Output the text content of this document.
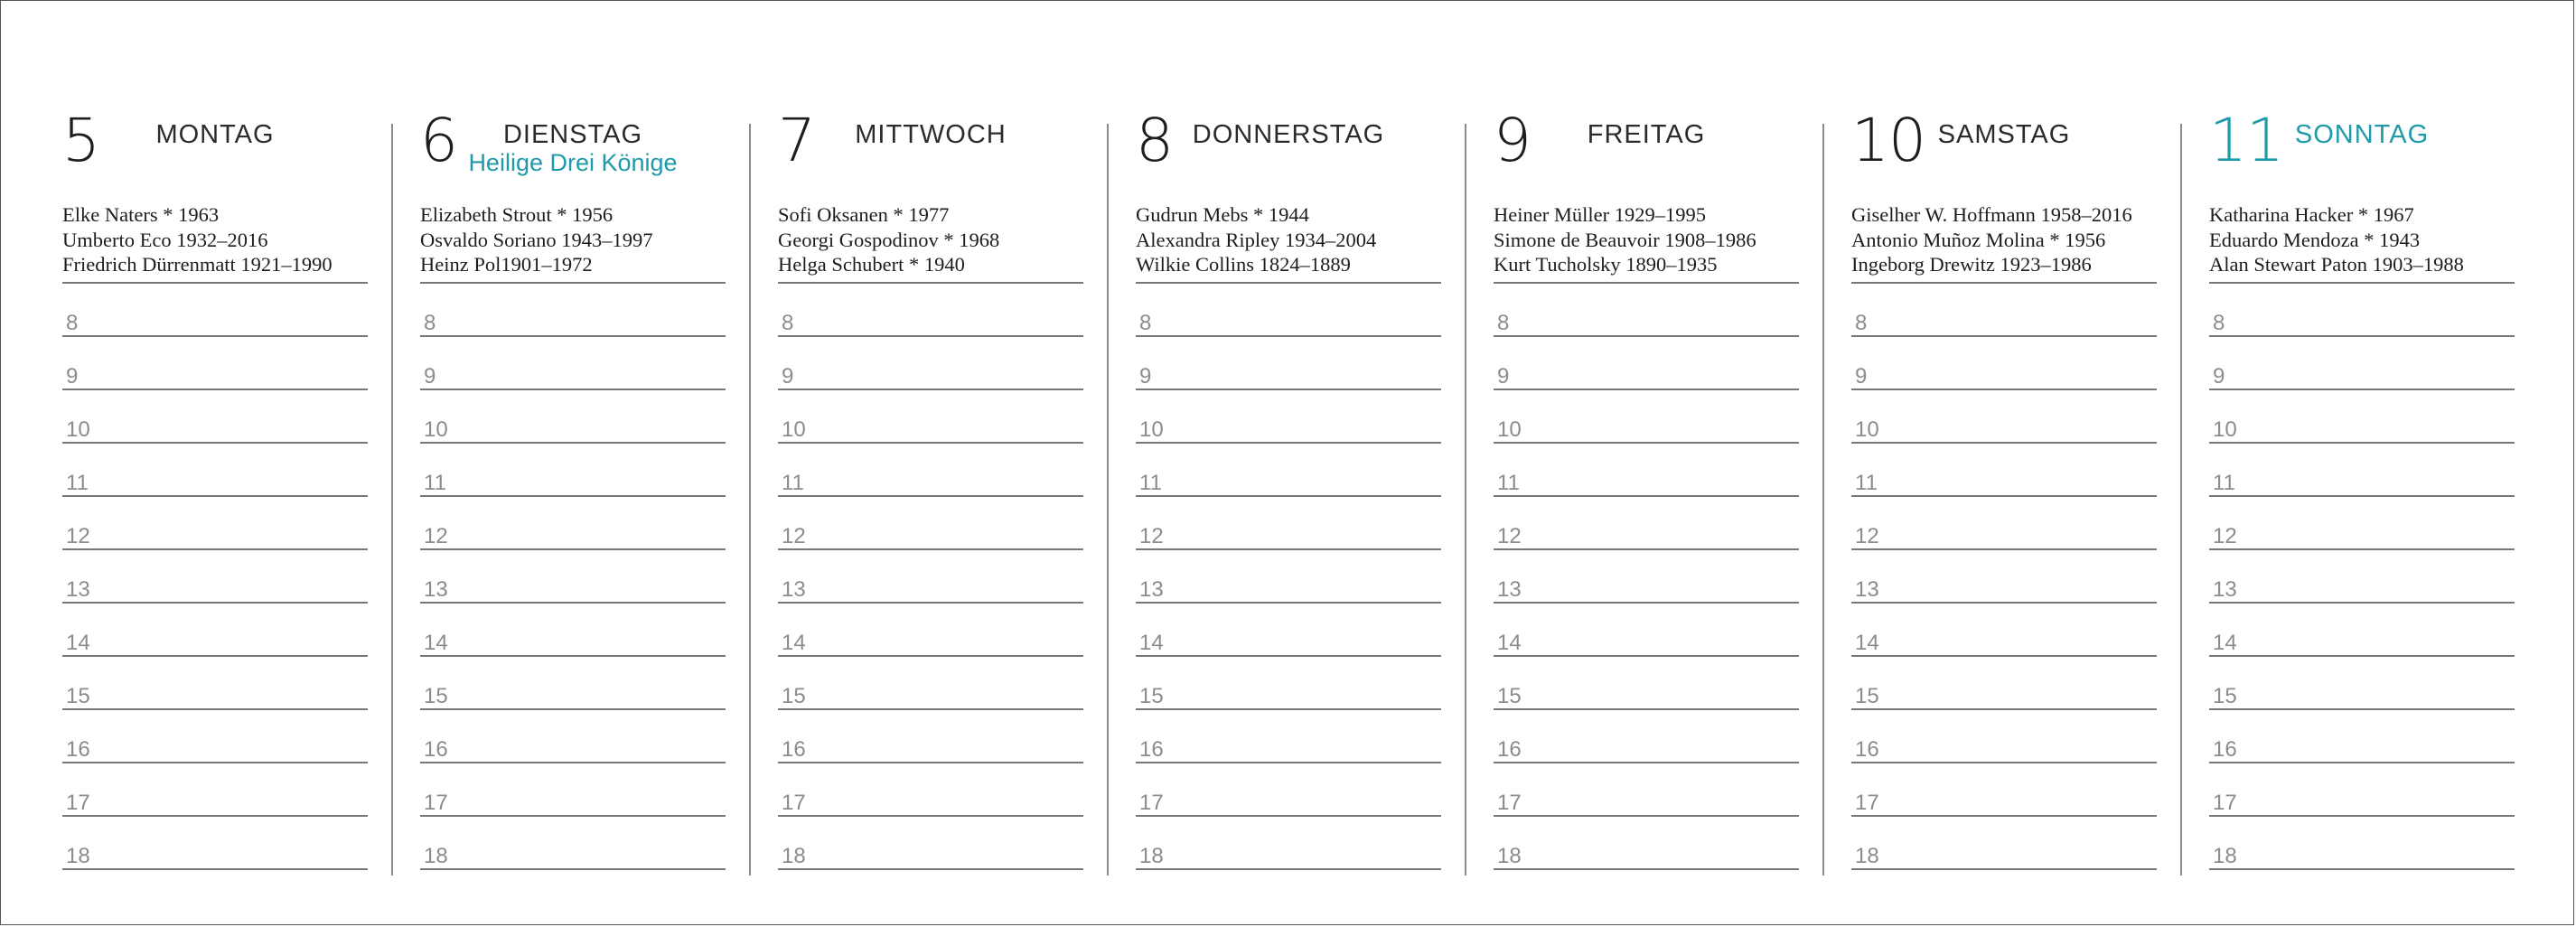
5	MONTAG
Elke Naters * 1963
Umberto Eco 1932–2016
Friedrich Dürrenmatt 1921–1990
8
9
10
11
12
13
14
15
16
17
18
6	DIENSTAG
Heilige Drei Könige
Elizabeth Strout * 1956
Osvaldo Soriano 1943–1997
Heinz Pol1901–1972
8
9
10
11
12
13
14
15
16
17
18
7	MITTWOCH
Sofi Oksanen * 1977
Georgi Gospodinov * 1968
Helga Schubert * 1940
8
9
10
11
12
13
14
15
16
17
18
8 DONNERSTAG
Gudrun Mebs * 1944
Alexandra Ripley 1934–2004
Wilkie Collins 1824–1889
8
9
10
11
12
13
14
15
16
17
18
9	FREITAG
Heiner Müller 1929–1995
Simone de Beauvoir 1908–1986
Kurt Tucholsky 1890–1935
8
9
10
11
12
13
14
15
16
17
18
10 SAMSTAG
Giselher W. Hoffmann 1958–2016
Antonio Muñoz Molina * 1956
Ingeborg Drewitz 1923–1986
8
9
10
11
12
13
14
15
16
17
18
11 SONNTAG
Katharina Hacker * 1967
Eduardo Mendoza * 1943
Alan Stewart Paton 1903–1988
8
9
10
11
12
13
14
15
16
17
18
